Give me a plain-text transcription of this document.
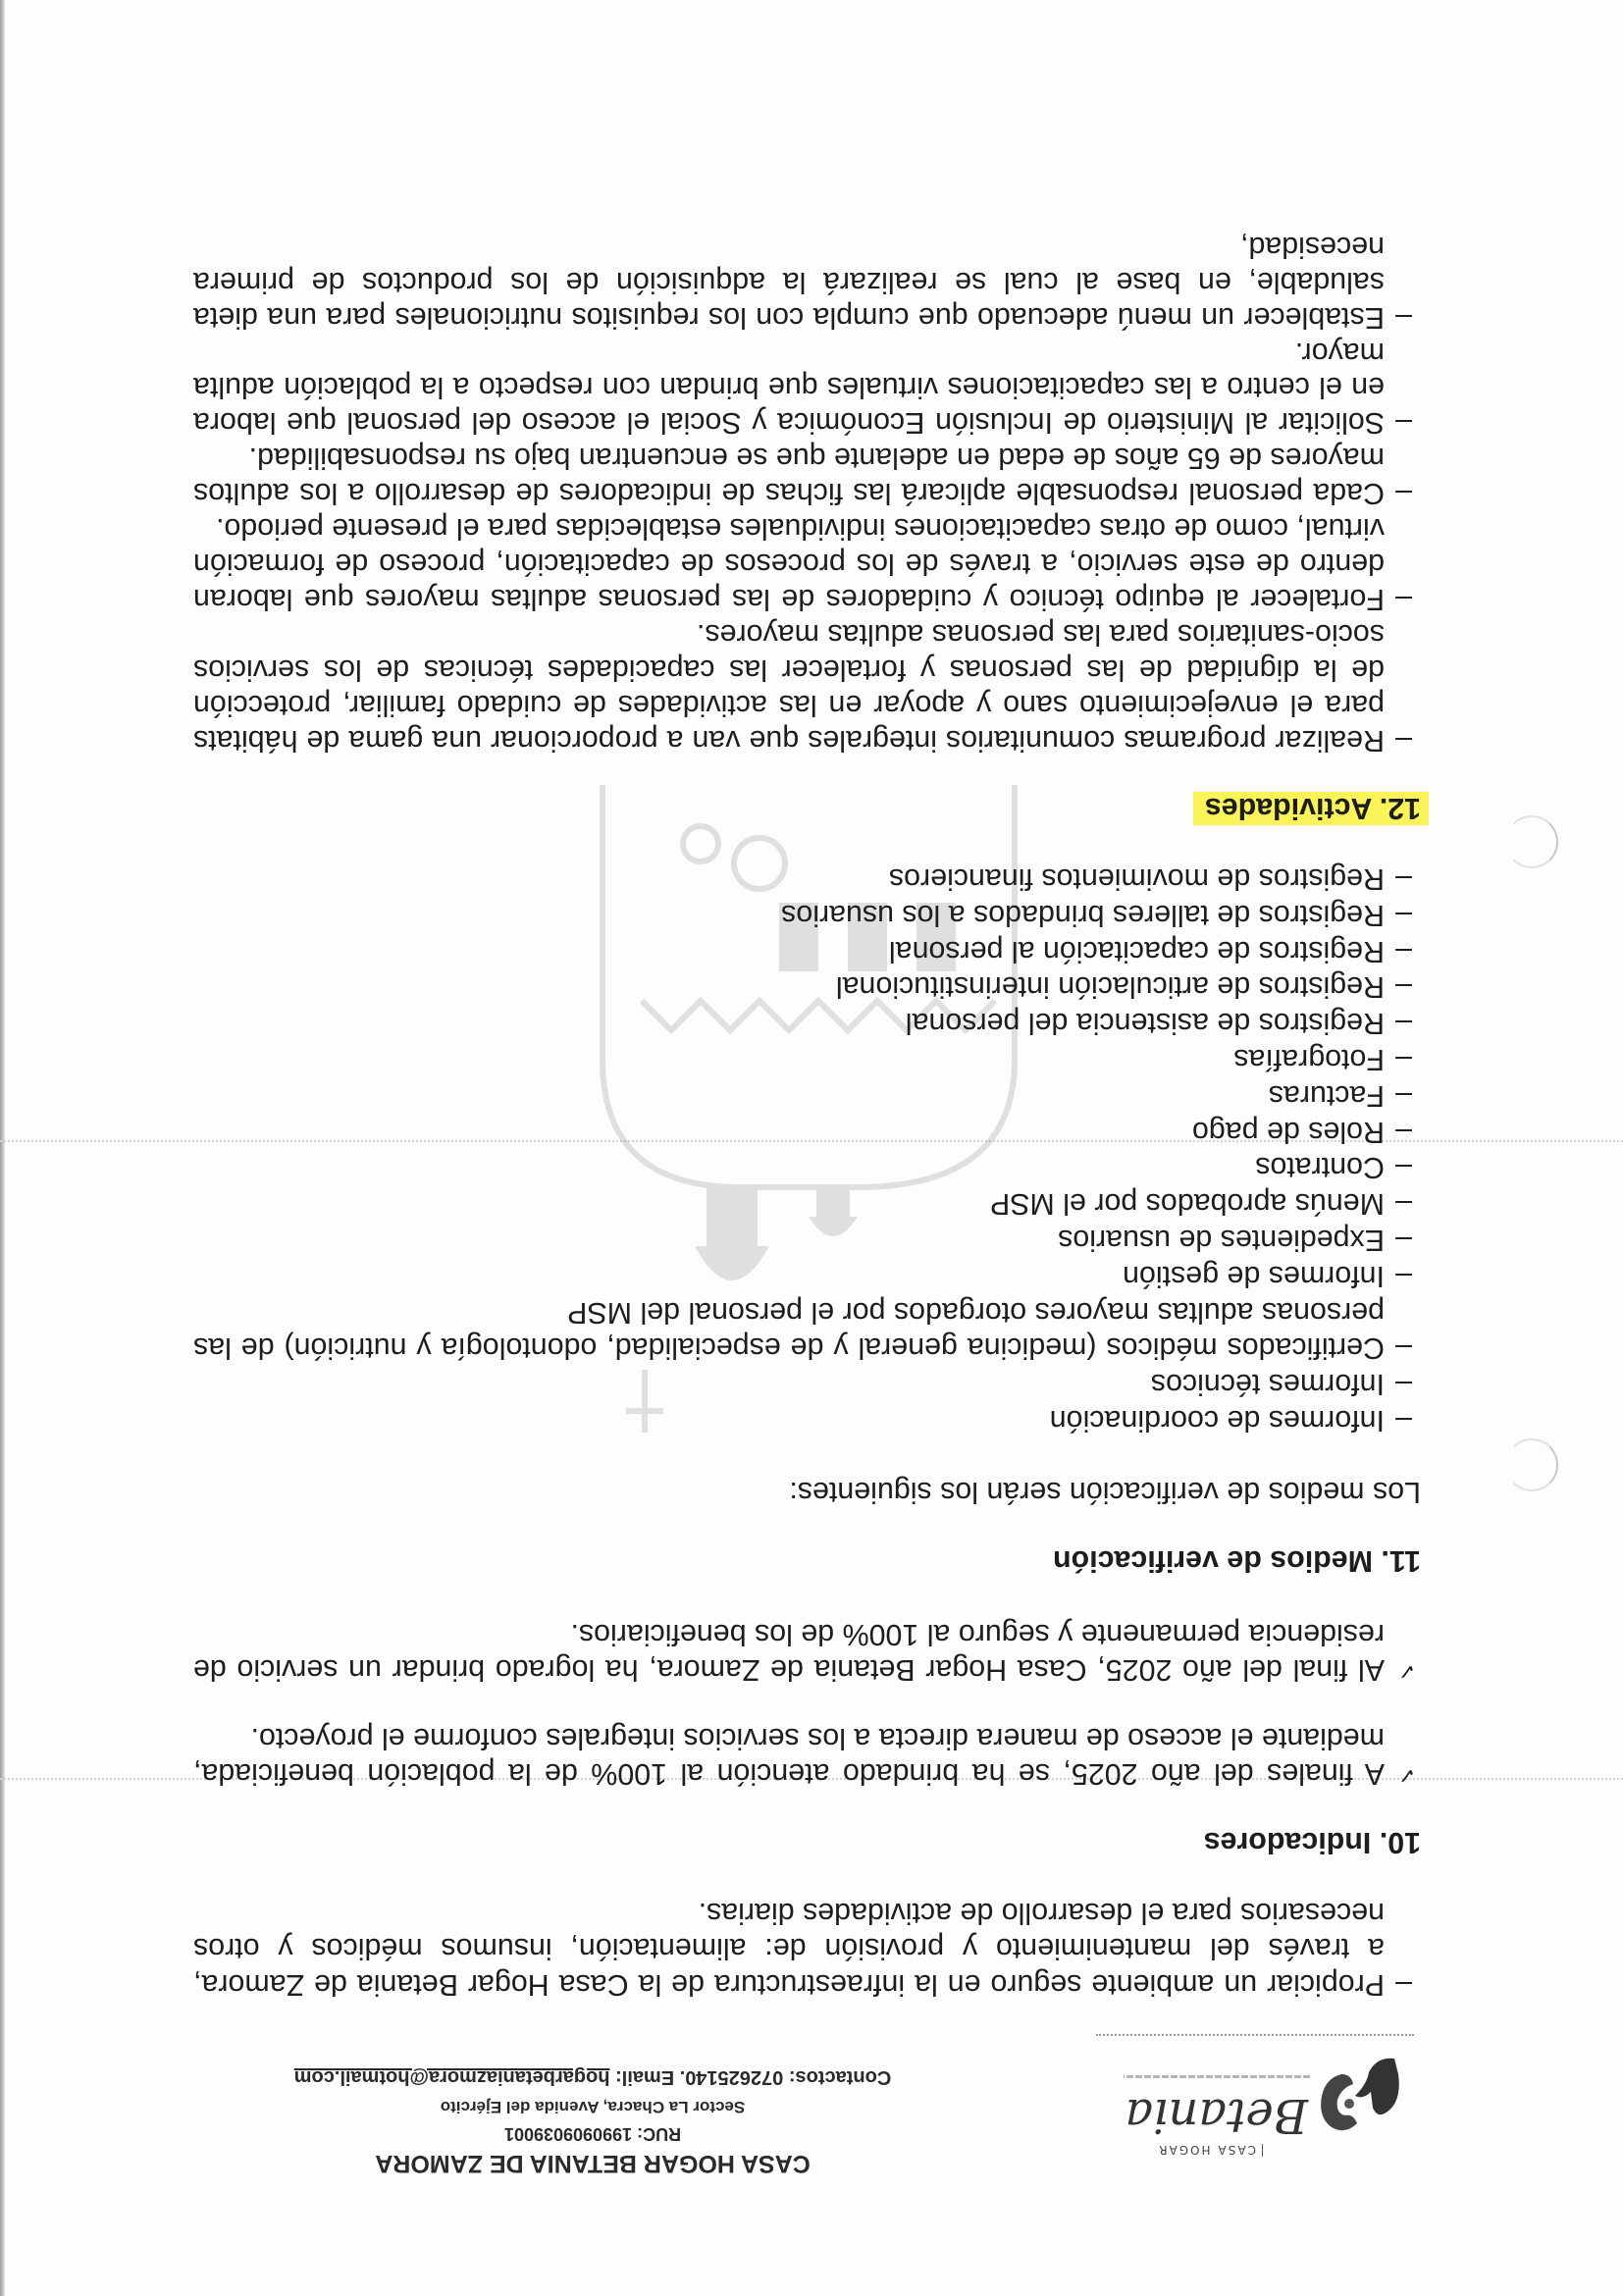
CASA HOGAR
Betania
CASA HOGAR BETANIA DE ZAMORA
RUC: 1990909039001
Sector La Chacra, Avenida del Ejército
Contactos: 072625140. Email: hogarbetaniazmora@hotmail.com
–
Propiciar un ambiente seguro en la infraestructura de la Casa Hogar Betania de Zamora, a través del mantenimiento y provisión de: alimentación, insumos médicos y otros necesarios para el desarrollo de actividades diarias.
10. Indicadores
✓
A finales del año 2025, se ha brindado atención al 100% de la población beneficiada, mediante el acceso de manera directa a los servicios integrales conforme el proyecto.
✓
Al final del año 2025, Casa Hogar Betania de Zamora, ha logrado brindar un servicio de residencia permanente y seguro al 100% de los beneficiarios.
11. Medios de verificación
Los medios de verificación serán los siguientes:
–
Informes de coordinación
–
Informes técnicos
–
Certificados médicos (medicina general y de especialidad, odontología y nutrición) de las personas adultas mayores otorgados por el personal del MSP
–
Informes de gestión
–
Expedientes de usuarios
–
Menús aprobados por el MSP
–
Contratos
–
Roles de pago
–
Facturas
–
Fotografías
–
Registros de asistencia del personal
–
Registros de articulación interinstitucional
–
Registros de capacitación al personal
–
Registros de talleres brindados a los usuarios
–
Registros de movimientos financieros
12. Actividades
–
Realizar programas comunitarios integrales que van a proporcionar una gama de hábitats para el envejecimiento sano y apoyar en las actividades de cuidado familiar, protección de la dignidad de las personas y fortalecer las capacidades técnicas de los servicios socio-sanitarios para las personas adultas mayores.
–
Fortalecer al equipo técnico y cuidadores de las personas adultas mayores que laboran dentro de este servicio, a través de los procesos de capacitación, proceso de formación virtual, como de otras capacitaciones individuales establecidas para el presente periodo.
–
Cada personal responsable aplicará las fichas de indicadores de desarrollo a los adultos mayores de 65 años de edad en adelante que se encuentran bajo su responsabilidad.
–
Solicitar al Ministerio de Inclusión Económica y Social el acceso del personal que labora en el centro a las capacitaciones virtuales que brindan con respecto a la población adulta mayor.
–
Establecer un menú adecuado que cumpla con los requisitos nutricionales para una dieta saludable, en base al cual se realizará la adquisición de los productos de primera necesidad,
